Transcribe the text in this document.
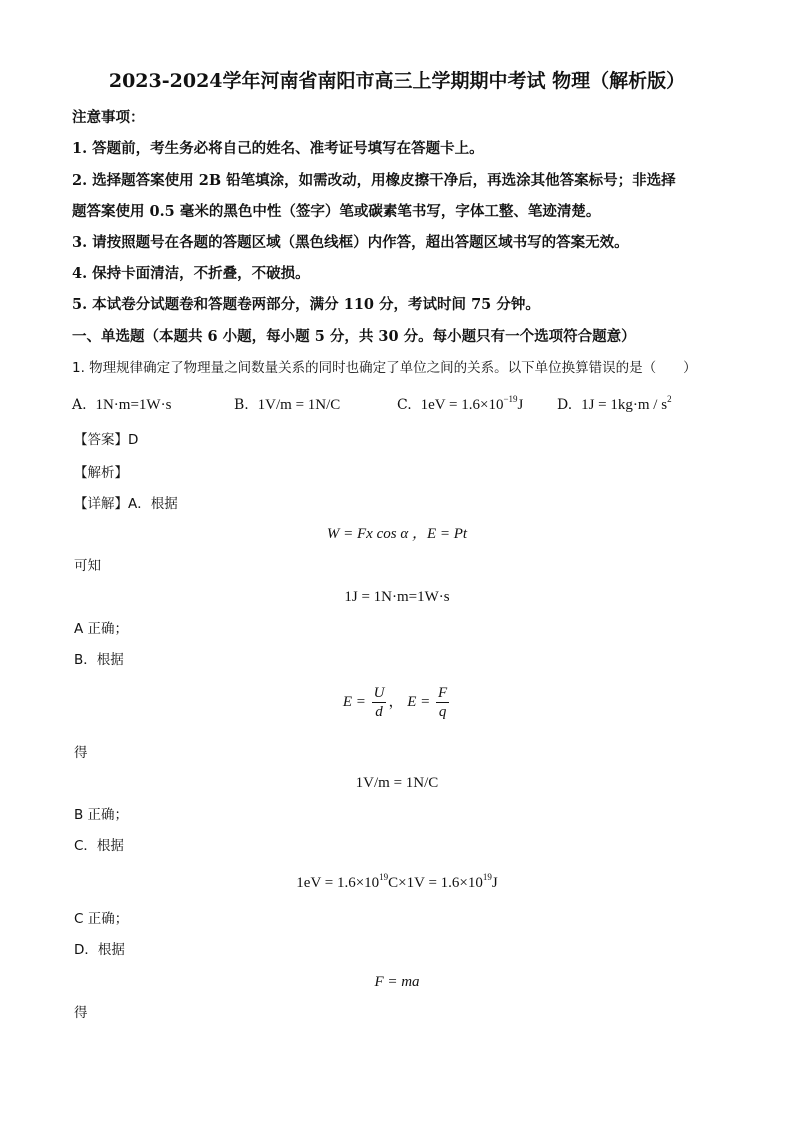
2023-2024学年河南省南阳市高三上学期期中考试 物理（解析版）
注意事项：
1. 答题前，考生务必将自己的姓名、准考证号填写在答题卡上。
2. 选择题答案使用 2B 铅笔填涂，如需改动，用橡皮擦干净后，再选涂其他答案标号；非选择
题答案使用 0.5 毫米的黑色中性（签字）笔或碳素笔书写，字体工整、笔迹清楚。
3. 请按照题号在各题的答题区域（黑色线框）内作答，超出答题区域书写的答案无效。
4. 保持卡面清洁，不折叠，不破损。
5. 本试卷分试题卷和答题卷两部分，满分 110 分，考试时间 75 分钟。
一、单选题（本题共 6 小题，每小题 5 分，共 30 分。每小题只有一个选项符合题意）
1. 物理规律确定了物理量之间数量关系的同时也确定了单位之间的关系。以下单位换算错误的是（　　）
A. 1N·m=1W·s	B. 1V/m = 1N/C	C. $1eV = 1.6\times 10^{-19}J$ D. $1J = 1kg\cdot m / s^2$
【答案】D
【解析】
【详解】A．根据
W = Fx cos α ，E = Pt
可知
1J = 1N·m=1W·s
A 正确；
B．根据
$E = \frac{U}{d}$ ， $E = \frac{F}{q}$
得
1V/m = 1N/C
B 正确；
C．根据
$1eV = 1.6\times 10^{19}C\times 1V = 1.6\times 10^{19}J$
C 正确；
D．根据
F = ma
得
